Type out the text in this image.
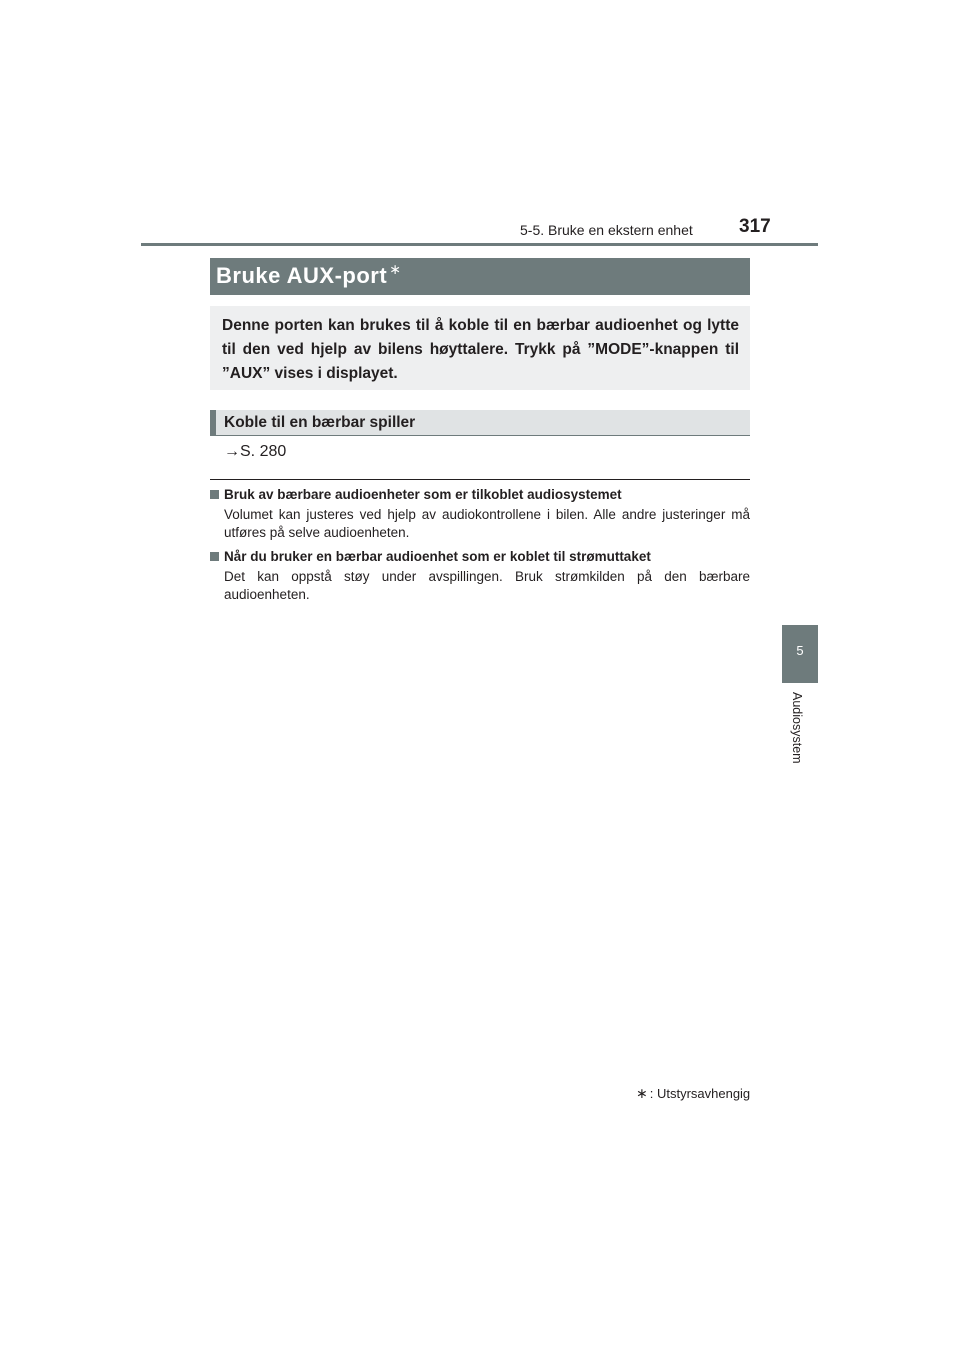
5-5. Bruke en ekstern enhet 317
Bruke AUX-port ∗
Denne porten kan brukes til å koble til en bærbar audioenhet og lytte til den ved hjelp av bilens høyttalere. Trykk på ”MODE”-knappen til ”AUX” vises i displayet.
Koble til en bærbar spiller
→S. 280
Bruk av bærbare audioenheter som er tilkoblet audiosystemet
Volumet kan justeres ved hjelp av audiokontrollene i bilen. Alle andre justeringer må utføres på selve audioenheten.
Når du bruker en bærbar audioenhet som er koblet til strømuttaket
Det kan oppstå støy under avspillingen. Bruk strømkilden på den bærbare audioenheten.
∗ : Utstyrsavhengig
5
Audiosystem
